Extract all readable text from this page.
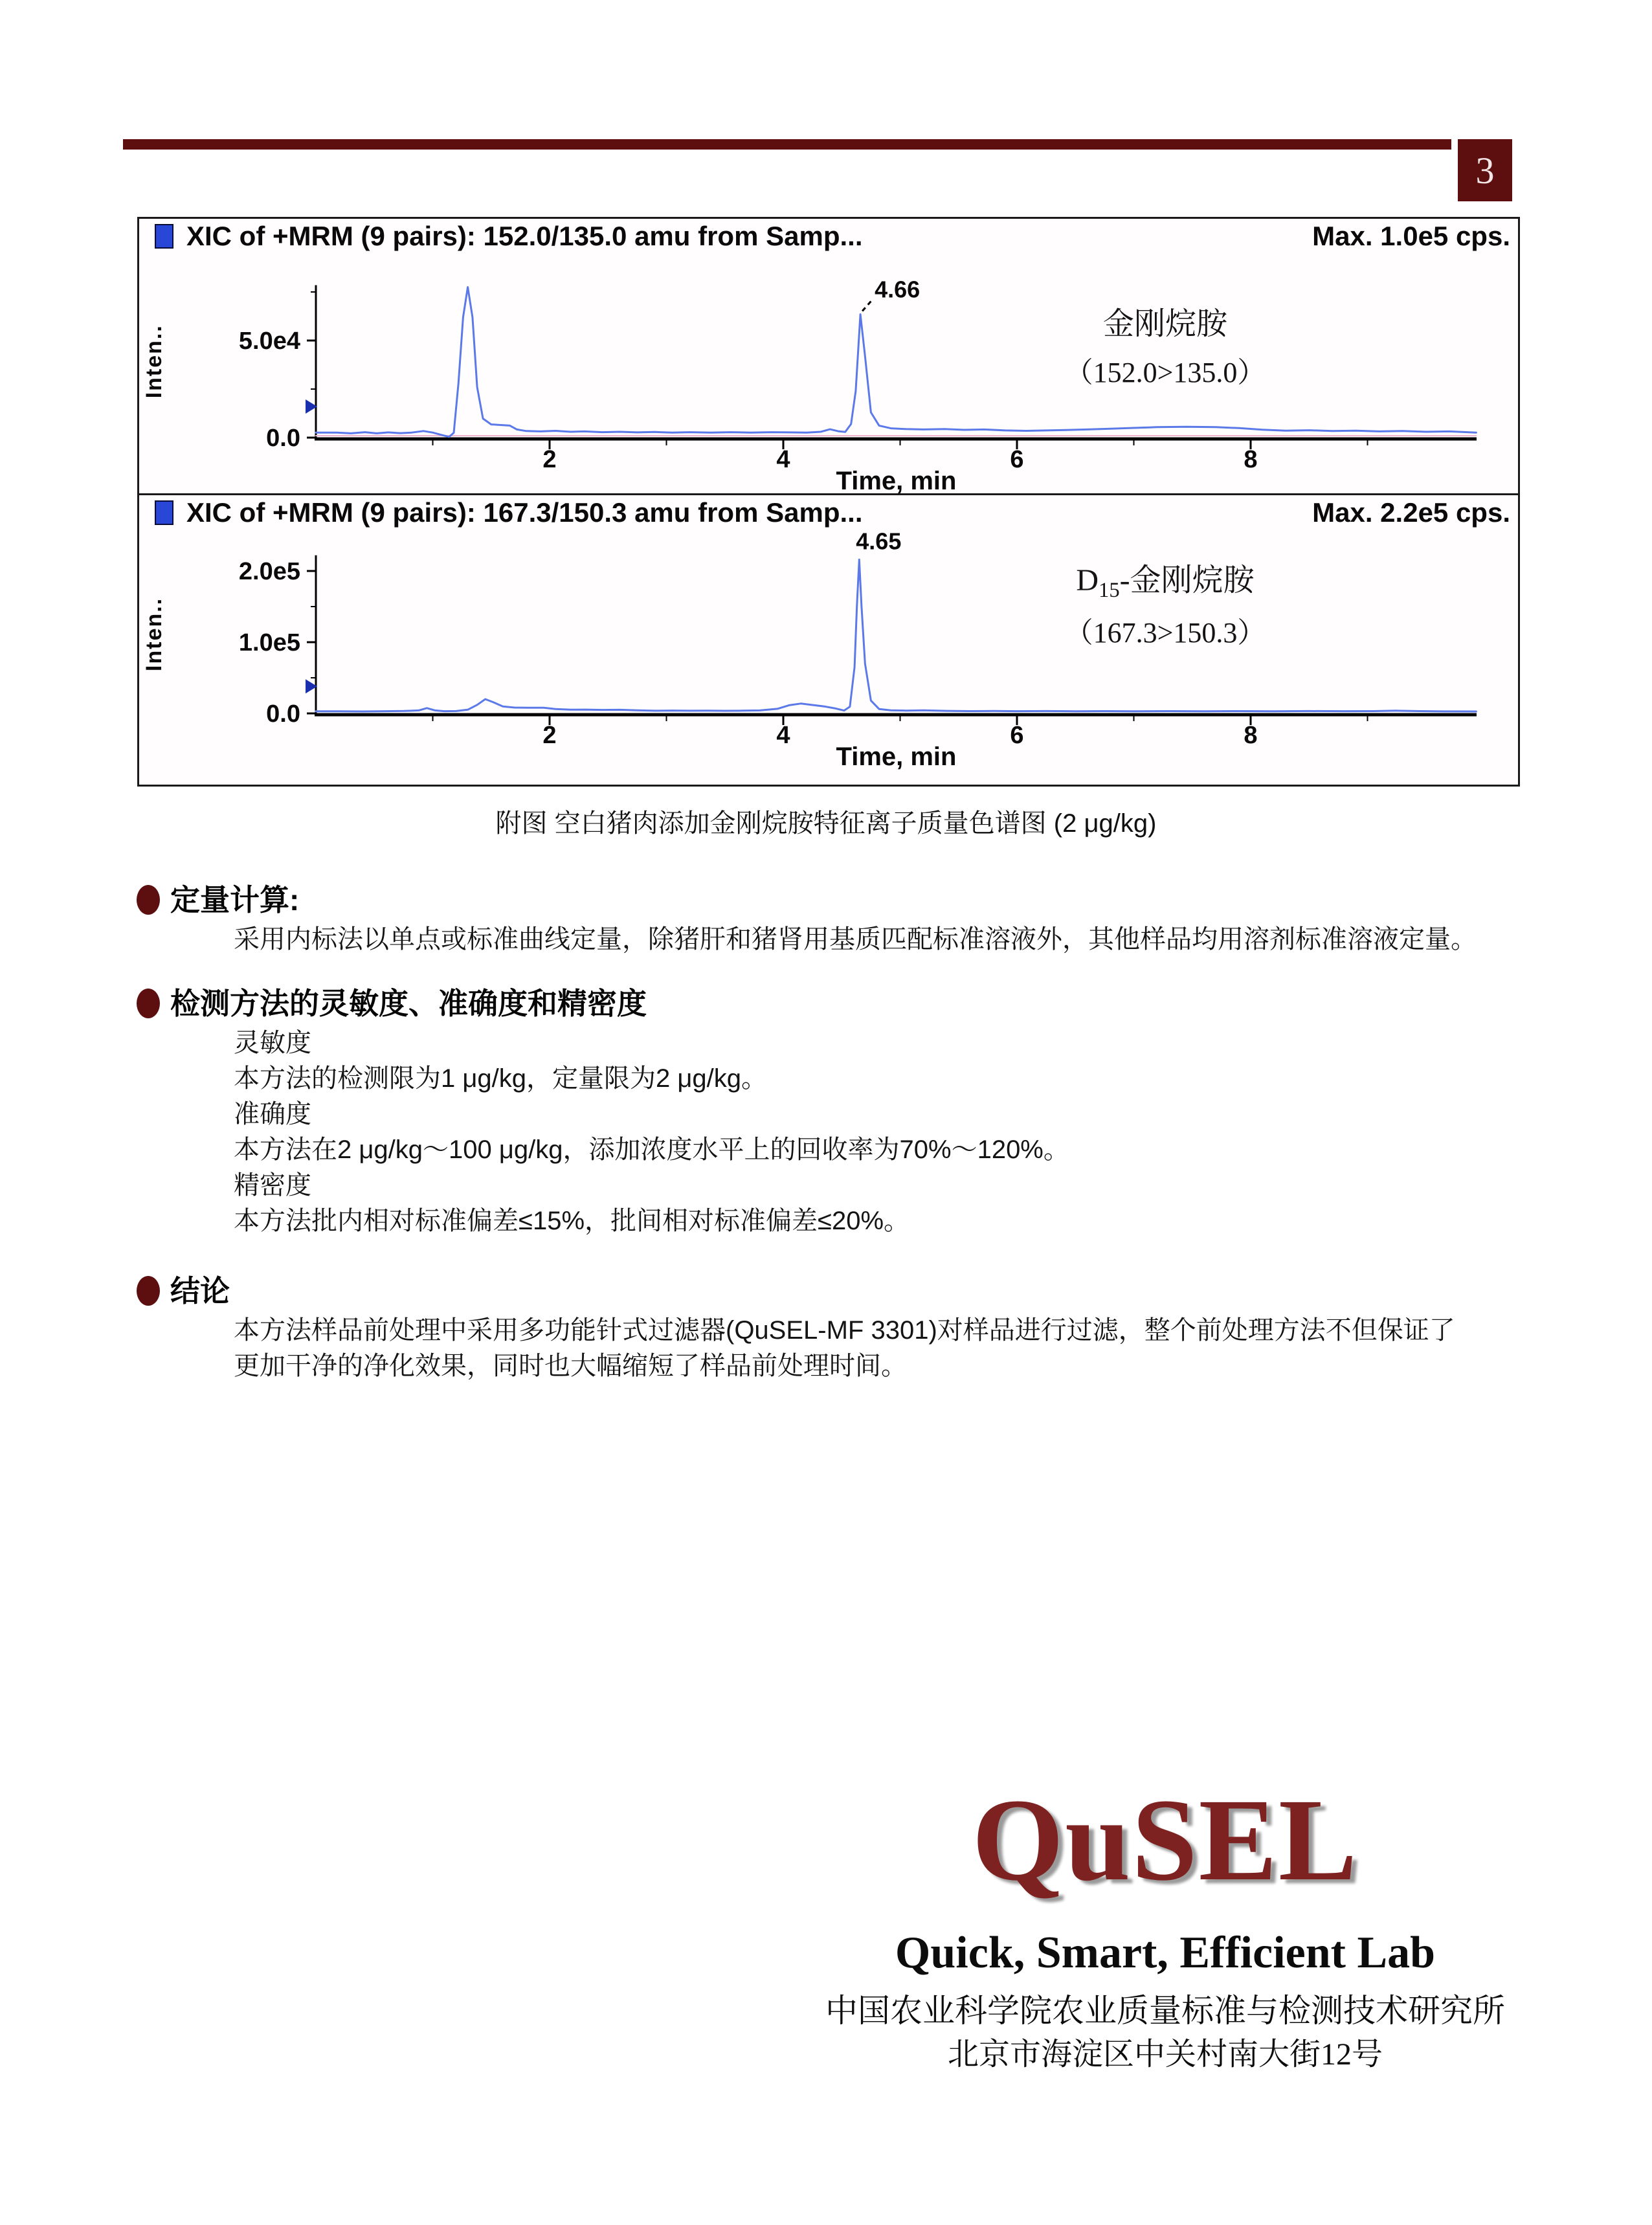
3
5.0e4
0.0
2	4	6	8
Time, min
Inten..
4.66
金刚烷胺
（152.0>135.0）
XIC of +MRM (9 pairs): 152.0/135.0 amu from Samp...	Max. 1.0e5 cps.
2.0e5
1.0e5
0.0
2	4	6	8
Time, min
Inten..
4.65
$D_{15}-$金刚烷胺
（167.3>150.3）
XIC of +MRM (9 pairs): 167.3/150.3 amu from Samp...	Max. 2.2e5 cps.
附图 空白猪肉添加金刚烷胺特征离子质量色谱图 (2 μg/kg)
定量计算:
采用内标法以单点或标准曲线定量，除猪肝和猪肾用基质匹配标准溶液外，其他样品均用溶剂标准溶液定量。
检测方法的灵敏度、准确度和精密度
灵敏度
本方法的检测限为1 μg/kg，定量限为2 μg/kg。
准确度
本方法在2 μg/kg～100 μg/kg，添加浓度水平上的回收率为70%～120%。
精密度
本方法批内相对标准偏差≤15%，批间相对标准偏差≤20%。
结论
本方法样品前处理中采用多功能针式过滤器(QuSEL-MF 3301)对样品进行过滤，整个前处理方法不但保证了
更加干净的净化效果，同时也大幅缩短了样品前处理时间。
QuSEL
Quick, Smart, Efficient Lab
中国农业科学院农业质量标准与检测技术研究所
北京市海淀区中关村南大街12号
